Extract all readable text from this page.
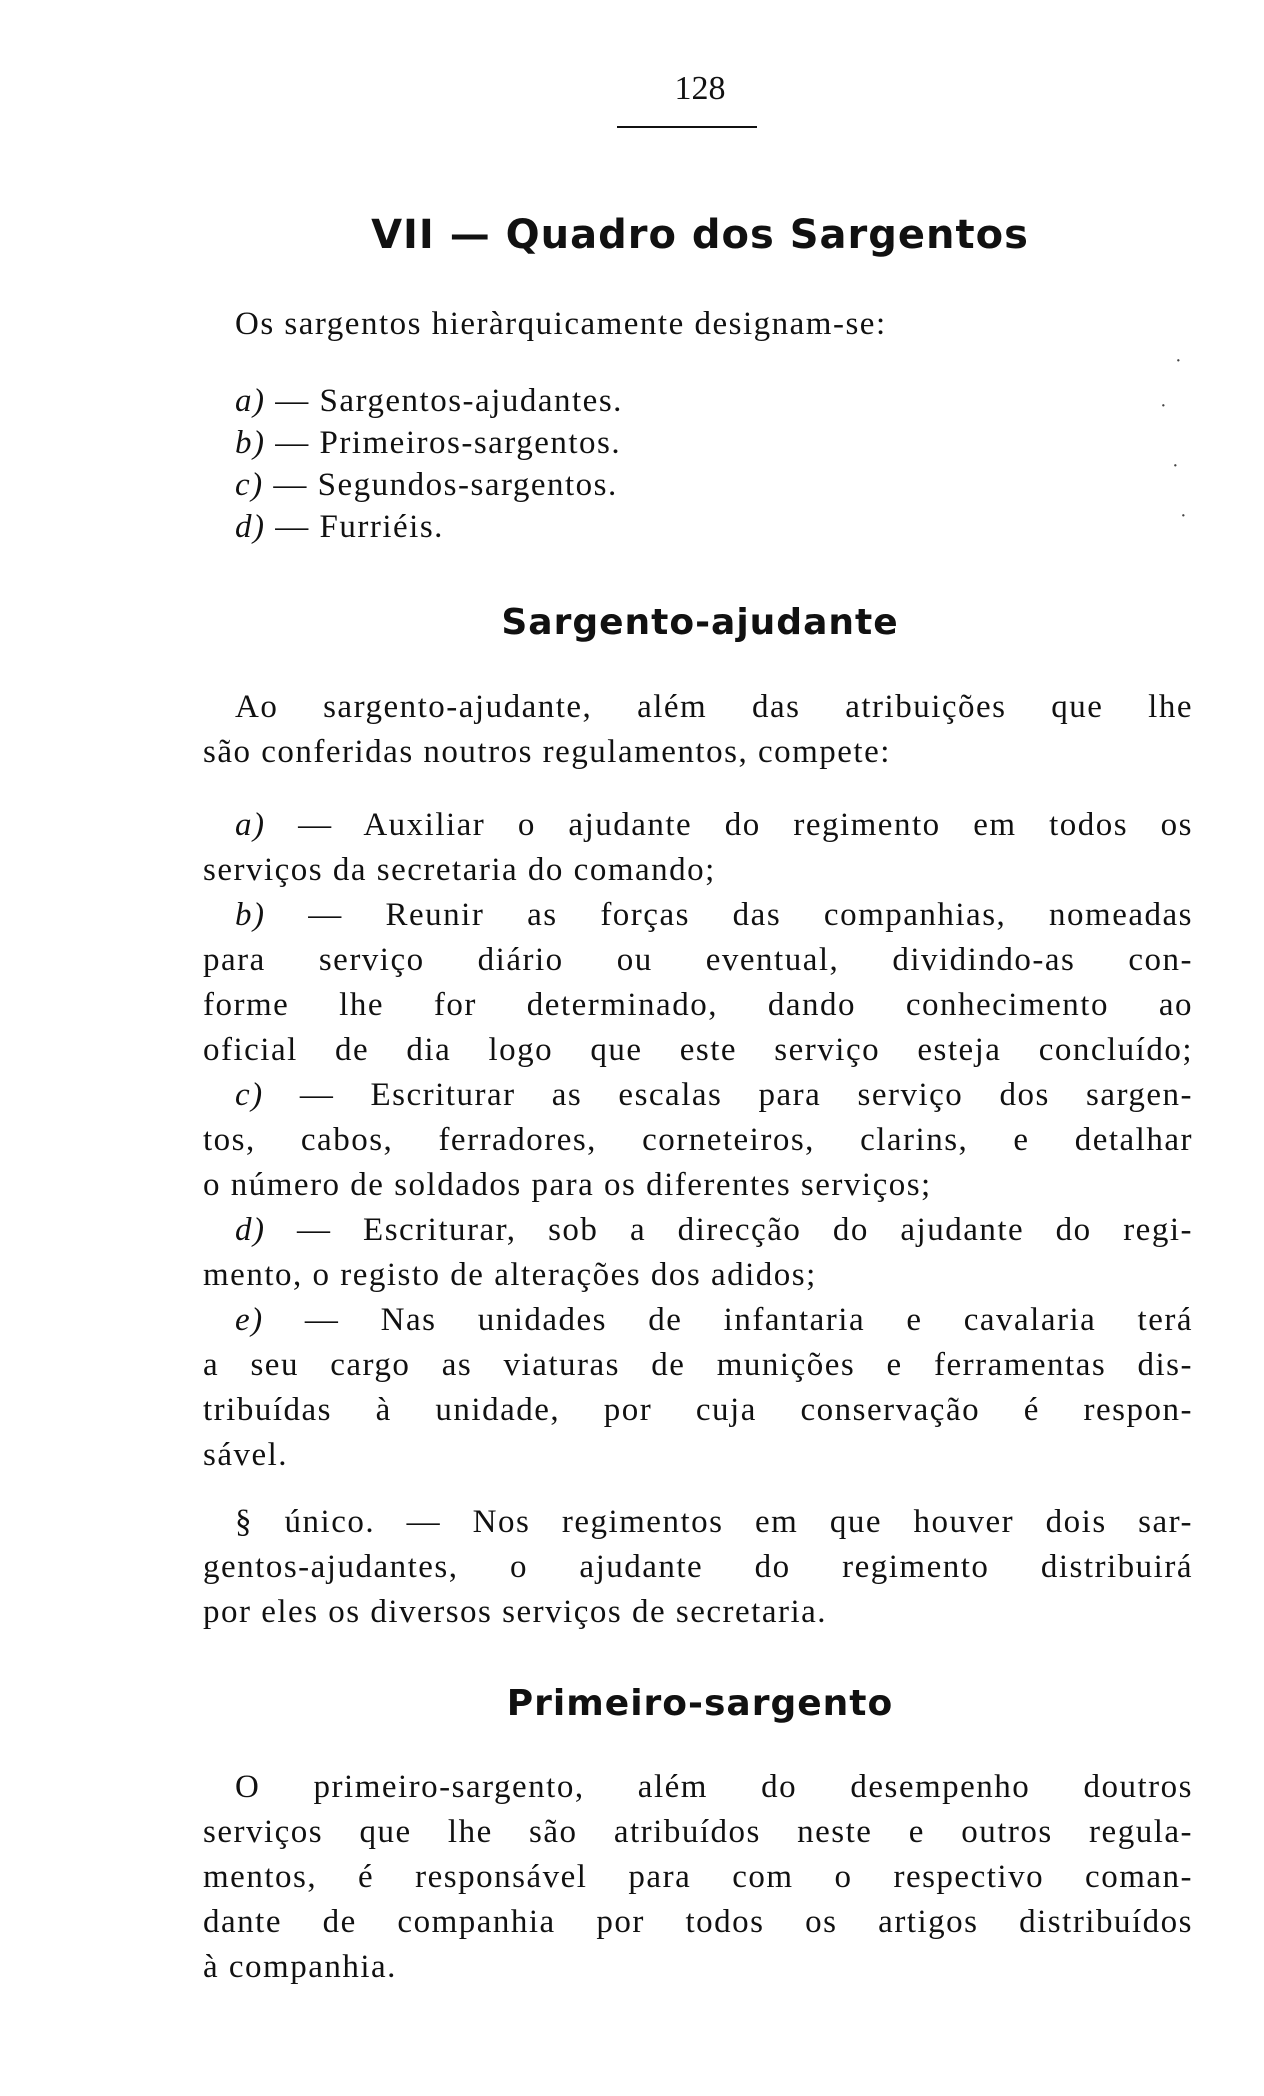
128
VII — Quadro dos Sargentos
Os sargentos hieràrquicamente designam-se:
a) — Sargentos-ajudantes.
b) — Primeiros-sargentos.
c) — Segundos-sargentos.
d) — Furriéis.
Sargento-ajudante
Ao sargento-ajudante, além das atribuições que lhe
são conferidas noutros regulamentos, compete:
a) — Auxiliar o ajudante do regimento em todos os
serviços da secretaria do comando;
b) — Reunir as forças das companhias, nomeadas
para serviço diário ou eventual, dividindo-as con-
forme lhe for determinado, dando conhecimento ao
oficial de dia logo que este serviço esteja concluído;
c) — Escriturar as escalas para serviço dos sargen-
tos, cabos, ferradores, corneteiros, clarins, e detalhar
o número de soldados para os diferentes serviços;
d) — Escriturar, sob a direcção do ajudante do regi-
mento, o registo de alterações dos adidos;
e) — Nas unidades de infantaria e cavalaria terá
a seu cargo as viaturas de munições e ferramentas dis-
tribuídas à unidade, por cuja conservação é respon-
sável.
§ único. — Nos regimentos em que houver dois sar-
gentos-ajudantes, o ajudante do regimento distribuirá
por eles os diversos serviços de secretaria.
Primeiro-sargento
O primeiro-sargento, além do desempenho doutros
serviços que lhe são atribuídos neste e outros regula-
mentos, é responsável para com o respectivo coman-
dante de companhia por todos os artigos distribuídos
à companhia.
·
·
·
·
